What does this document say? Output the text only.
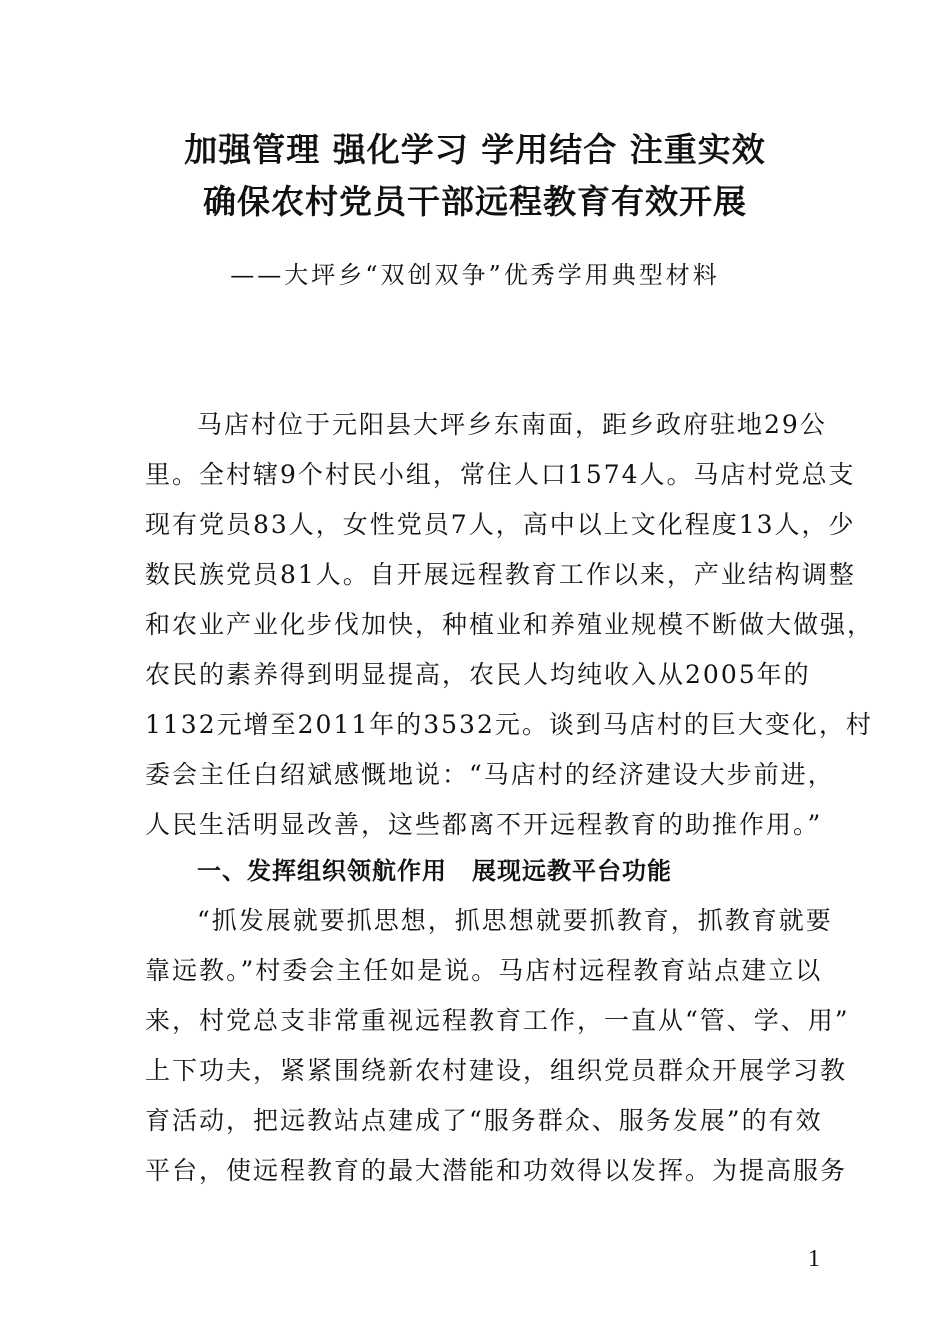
加强管理 强化学习 学用结合 注重实效
确保农村党员干部远程教育有效开展
——大坪乡“双创双争”优秀学用典型材料
马店村位于元阳县大坪乡东南面，距乡政府驻地29公
里。全村辖9个村民小组，常住人口1574人。马店村党总支
现有党员83人，女性党员7人，高中以上文化程度13人，少
数民族党员81人。自开展远程教育工作以来，产业结构调整
和农业产业化步伐加快，种植业和养殖业规模不断做大做强，
农民的素养得到明显提高，农民人均纯收入从2005年的
1132元增至2011年的3532元。谈到马店村的巨大变化，村
委会主任白绍斌感慨地说：“马店村的经济建设大步前进，
人民生活明显改善，这些都离不开远程教育的助推作用。”
一、发挥组织领航作用　展现远教平台功能
“抓发展就要抓思想，抓思想就要抓教育，抓教育就要
靠远教。”村委会主任如是说。马店村远程教育站点建立以
来，村党总支非常重视远程教育工作，一直从“管、学、用”
上下功夫，紧紧围绕新农村建设，组织党员群众开展学习教
育活动，把远教站点建成了“服务群众、服务发展”的有效
平台，使远程教育的最大潜能和功效得以发挥。为提高服务
1
